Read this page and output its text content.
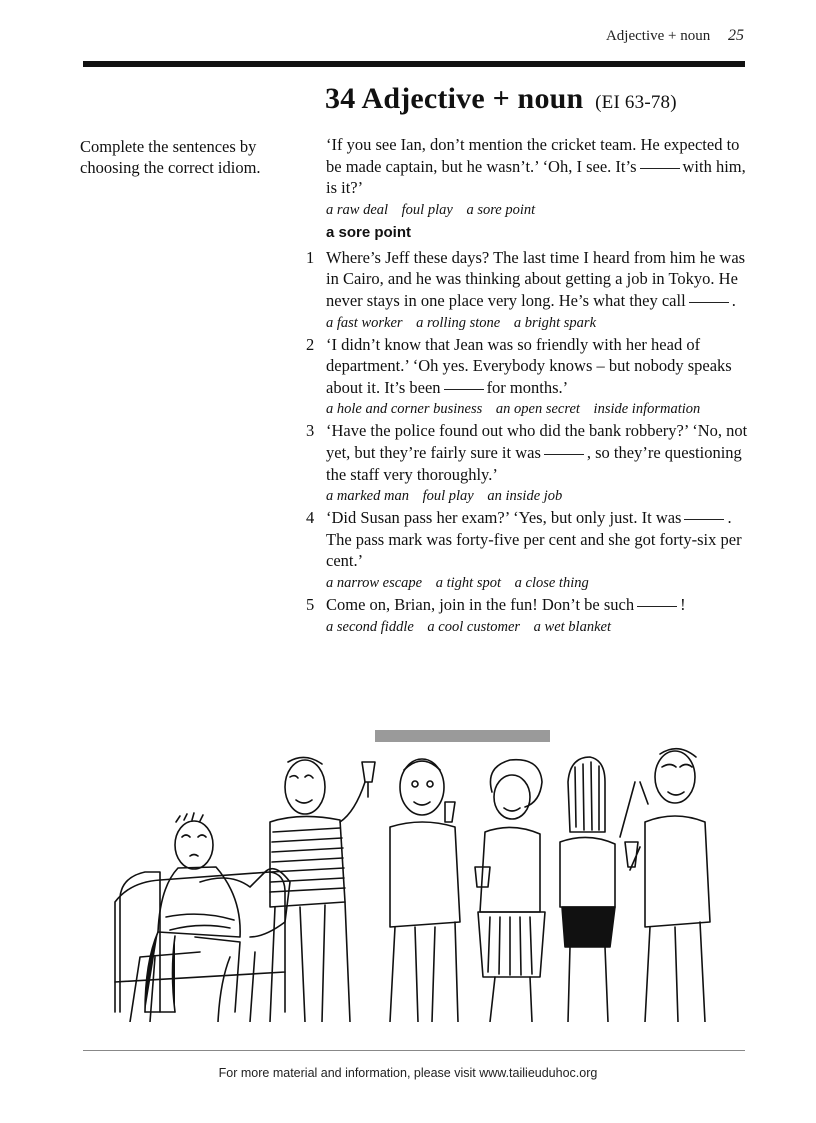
Adjective + noun 25
34 Adjective + noun (EI 63-78)
Complete the sentences by choosing the correct idiom.

‘If you see Ian, don’t mention the cricket team. He expected to be made captain, but he wasn’t.’ ‘Oh, I see. It’s	with him, is it?’

a raw deal foul play a sore point
a sore point
1 Where’s Jeff these days? The last time I heard from him he was in Cairo, and he was thinking about getting a job in Tokyo. He never stays in one place very long. He’s what they call	.

a fast worker a rolling stone a bright spark
2 ‘I didn’t know that Jean was so friendly with her head of department.’ ‘Oh yes. Everybody knows – but nobody speaks about it. It’s been	for months.’

a hole and corner business an open secret inside information
3 ‘Have the police found out who did the bank robbery?’ ‘No, not yet, but they’re fairly sure it was	, so they’re questioning the staff very thoroughly.’

a marked man foul play an inside job
4 ‘Did Susan pass her exam?’ ‘Yes, but only just. It was	. The pass mark was forty-five per cent and she got forty-six per cent.’

a narrow escape a tight spot a close thing
5 Come on, Brian, join in the fun! Don’t be such	!

a second fiddle a cool customer a wet blanket
For more material and information, please visit www.tailieuduhoc.org
